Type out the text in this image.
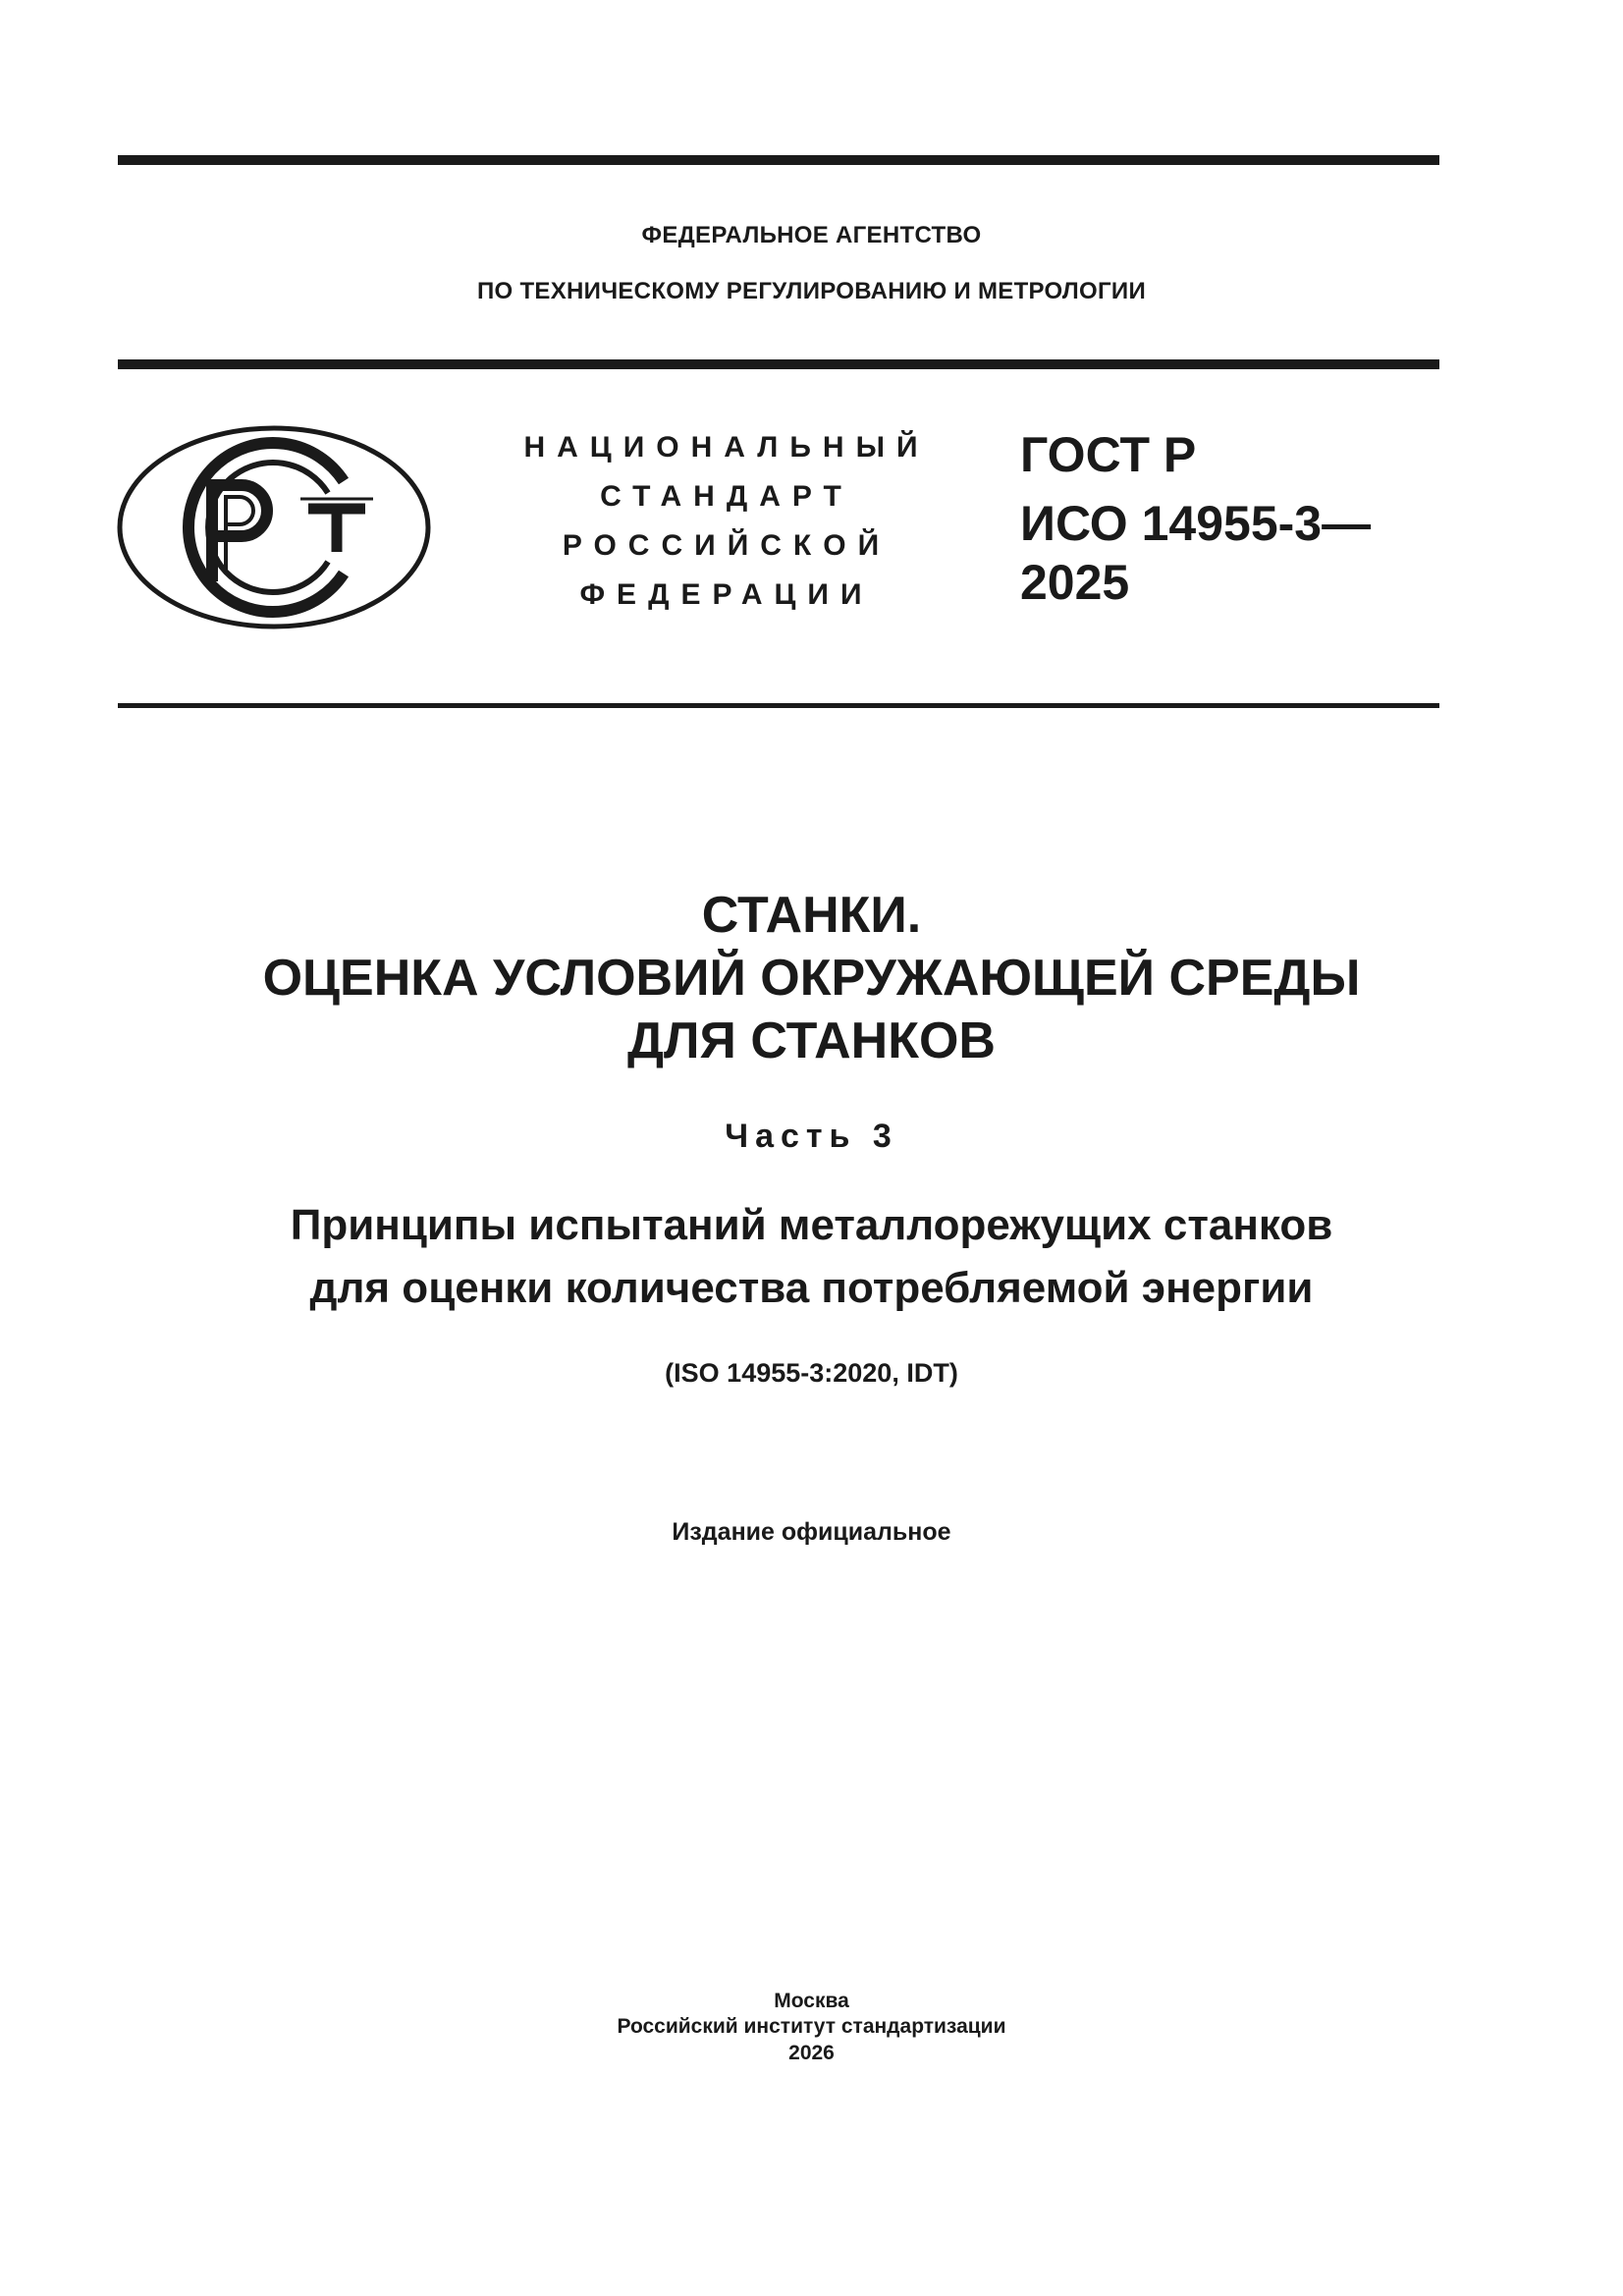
ФЕДЕРАЛЬНОЕ АГЕНТСТВО
ПО ТЕХНИЧЕСКОМУ РЕГУЛИРОВАНИЮ И МЕТРОЛОГИИ
НАЦИОНАЛЬНЫЙ
СТАНДАРТ
РОССИЙСКОЙ
ФЕДЕРАЦИИ
ГОСТ Р
ИСО 14955-3—
2025
СТАНКИ.
ОЦЕНКА УСЛОВИЙ ОКРУЖАЮЩЕЙ СРЕДЫ
ДЛЯ СТАНКОВ
Часть 3
Принципы испытаний металлорежущих станков
для оценки количества потребляемой энергии
(ISO 14955-3:2020, IDT)
Издание официальное
Москва
Российский институт стандартизации
2026
